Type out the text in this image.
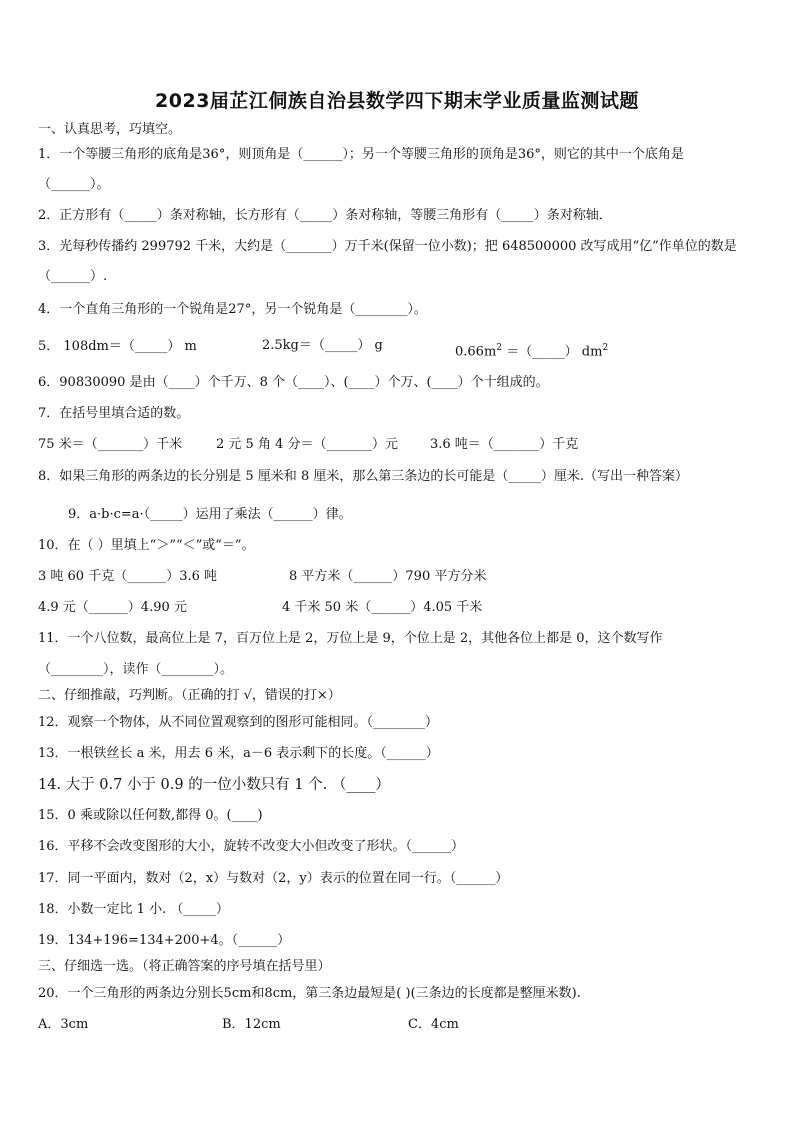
2023届芷江侗族自治县数学四下期末学业质量监测试题
一、认真思考，巧填空。
1．一个等腰三角形的底角是36°，则顶角是（______）；另一个等腰三角形的顶角是36°，则它的其中一个底角是
（______）。
2．正方形有（_____）条对称轴，长方形有（_____）条对称轴，等腰三角形有（_____）条对称轴．
3．光每秒传播约 299792 千米，大约是（_______）万千米(保留一位小数)；把 648500000 改写成用“亿”作单位的数是
（______）.
4．一个直角三角形的一个锐角是27°，另一个锐角是（________）。
5． 108dm＝（_____） m	2.5kg＝（_____） g	$0.66m^2$ ＝（_____） $dm^2$
6．90830090 是由（____）个千万、8 个（____）、(____）个万、(____）个十组成的。
7．在括号里填合适的数。
75 米＝（_______）千米	2 元 5 角 4 分＝（_______）元 3.6 吨＝（_______）千克
8．如果三角形的两条边的长分别是 5 厘米和 8 厘米，那么第三条边的长可能是（_____）厘米.（写出一种答案）
9．a·b·c=a·（_____）运用了乘法（______）律。
10．在（ ）里填上“＞”“＜”或“＝”。
3 吨 60 千克（______）3.6 吨	8 平方米（______）790 平方分米
4.9 元（______）4.90 元	4 千米 50 米（______）4.05 千米
11．一个八位数，最高位上是 7，百万位上是 2，万位上是 9，个位上是 2，其他各位上都是 0，这个数写作
（________），读作（________）。
二、仔细推敲，巧判断。（正确的打 √，错误的打×）
12．观察一个物体，从不同位置观察到的图形可能相同。（________）
13．一根铁丝长 a 米，用去 6 米，a－6 表示剩下的长度。（______）
14. 大于 0.7 小于 0.9 的一位小数只有 1 个. （____）
15．0 乘或除以任何数,都得 0。(____)
16．平移不会改变图形的大小，旋转不改变大小但改变了形状。（______）
17．同一平面内，数对（2，x）与数对（2，y）表示的位置在同一行。（______）
18．小数一定比 1 小. （_____）
19．134+196=134+200+4。（______）
三、仔细选一选。（将正确答案的序号填在括号里）
20．一个三角形的两条边分别长5cm和8cm，第三条边最短是( )(三条边的长度都是整厘米数).
A．3cm	B．12cm	C．4cm
